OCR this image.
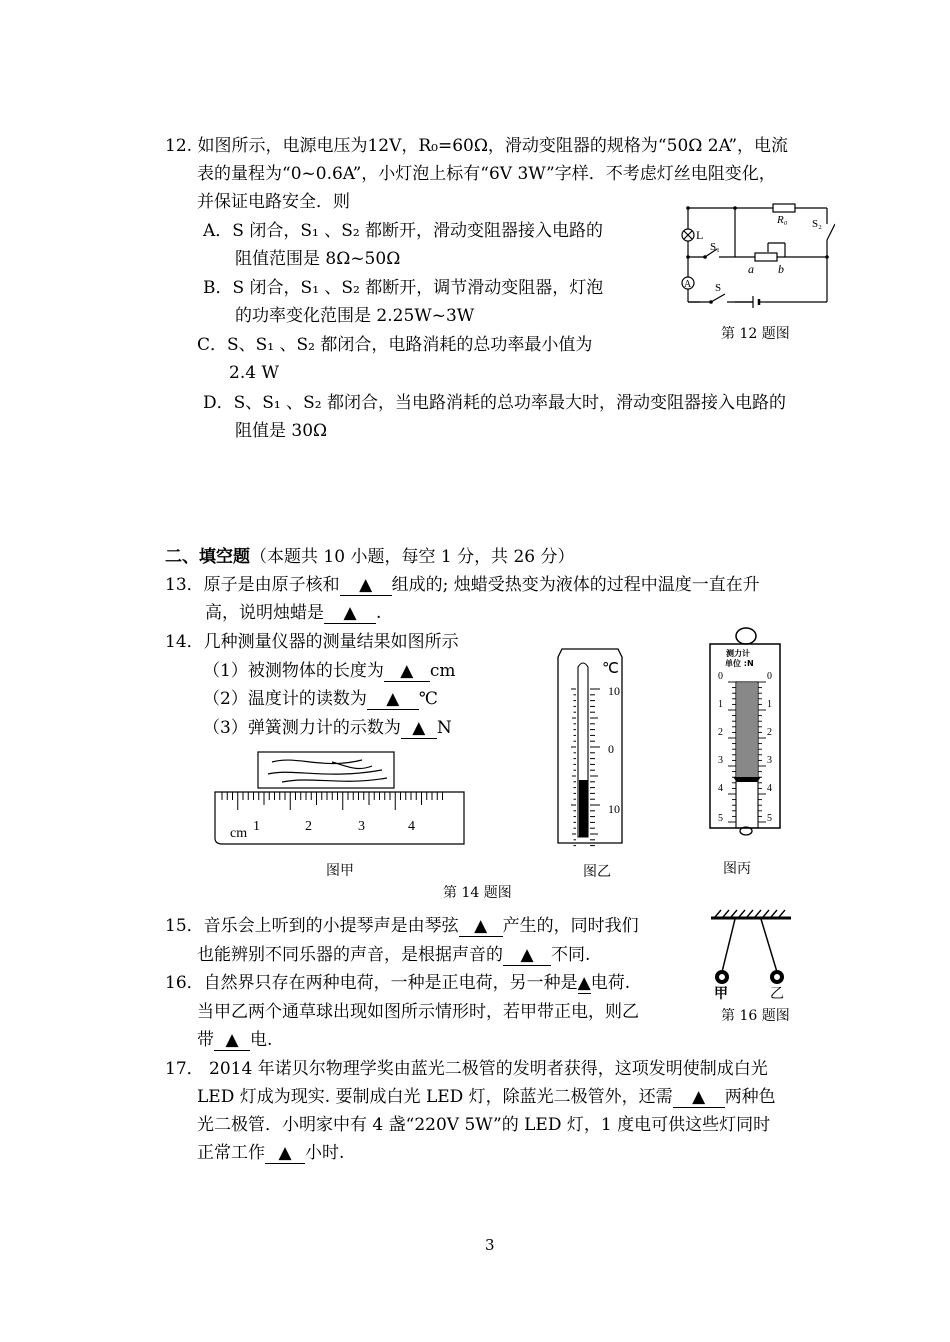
12. 如图所示，电源电压为12V，R₀=60Ω，滑动变阻器的规格为“50Ω 2A”，电流
表的量程为“0~0.6A”，小灯泡上标有“6V 3W”字样．不考虑灯丝电阻变化，
并保证电路安全．则
A．S 闭合，S₁ 、S₂ 都断开，滑动变阻器接入电路的
阻值范围是 8Ω~50Ω
B．S 闭合，S₁ 、S₂ 都断开，调节滑动变阻器，灯泡
的功率变化范围是 2.25W~3W
C．S、S₁ 、S₂ 都闭合，电路消耗的总功率最小值为
2.4 W
D．S、S₁ 、S₂ 都闭合，当电路消耗的总功率最大时，滑动变阻器接入电路的
阻值是 30Ω
L
S₁
R₀ S₂
a b
A S
第 12 题图
二、填空题（本题共 10 小题，每空 1 分，共 26 分）
13．原子是由原子核和 ▲ 组成的; 烛蜡受热变为液体的过程中温度一直在升
高，说明烛蜡是 ▲ .
14．几种测量仪器的测量结果如图所示
（1）被测物体的长度为 ▲ cm
（2）温度计的读数为 ▲ ℃
（3）弹簧测力计的示数为 ▲ N
cm 1	2	3	4
℃
10
0
10
测力计
单位 :N
0	0
1	1
2	2
3	3
4	4
5	5
图甲	图乙	图丙
第 14 题图
15．音乐会上听到的小提琴声是由琴弦 ▲ 产生的，同时我们
也能辨别不同乐器的声音，是根据声音的 ▲ 不同.
16．自然界只存在两种电荷，一种是正电荷，另一种是▲电荷.
当甲乙两个通草球出现如图所示情形时，若甲带正电，则乙
带 ▲ 电.
甲	乙
第 16 题图
17． 2014 年诺贝尔物理学奖由蓝光二极管的发明者获得，这项发明使制成白光
LED 灯成为现实. 要制成白光 LED 灯，除蓝光二极管外，还需 ▲ 两种色
光二极管．小明家中有 4 盏“220V 5W”的 LED 灯，1 度电可供这些灯同时
正常工作 ▲ 小时.
3
